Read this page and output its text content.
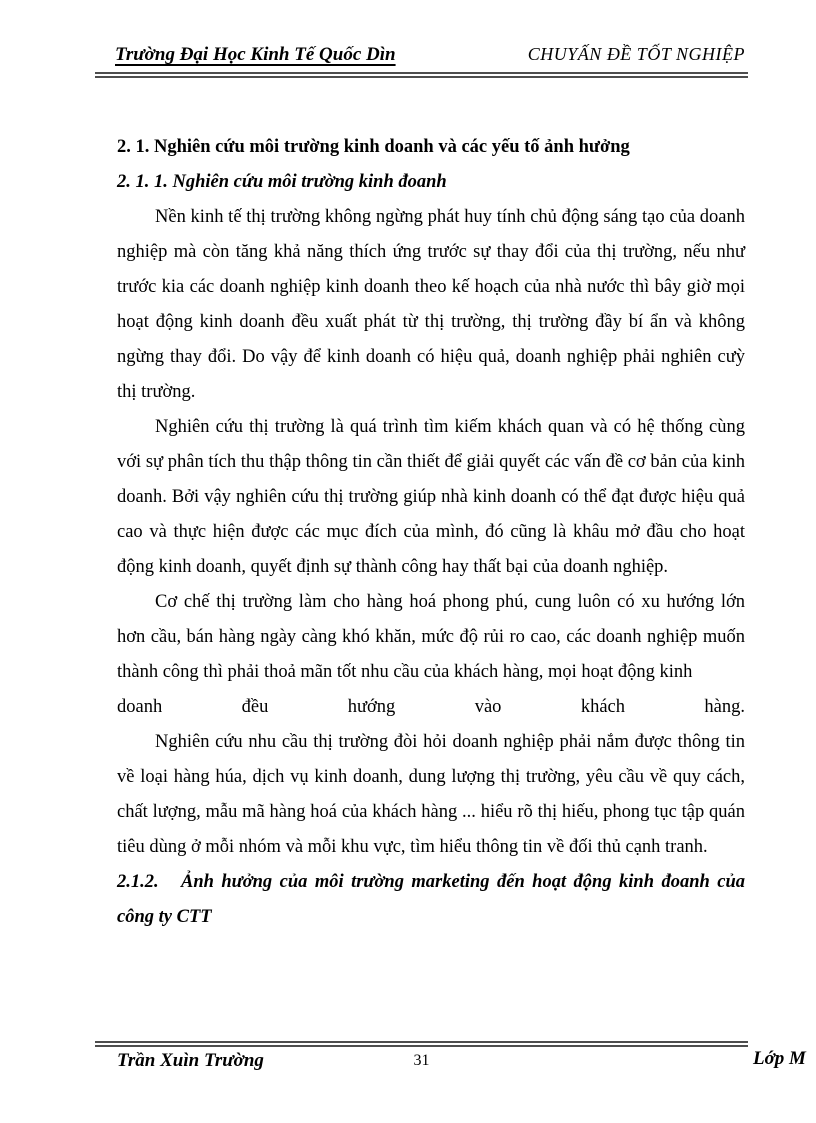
Trường Đại Học Kinh Tế Quốc Dìn	CHUYẤN ĐỀ TỐT NGHIỆP
2. 1. Nghiên cứu môi trường kinh doanh và các yếu tố ảnh hưởng
2. 1. 1. Nghiên cứu môi trường kinh đoanh

Nền kinh tế thị trường không ngừng phát huy tính chủ động sáng tạo của doanh nghiệp mà còn tăng khả năng thích ứng trước sự thay đổi của thị trường, nếu như trước kia các doanh nghiệp kinh doanh theo kế hoạch của nhà nước thì bây giờ mọi hoạt động kinh doanh đều xuất phát từ thị trường, thị trường đầy bí ẩn và không ngừng thay đổi. Do vậy để kinh doanh có hiệu quả, doanh nghiệp phải nghiên cưỳ thị trường.

Nghiên cứu thị trường là quá trình tìm kiếm khách quan và có hệ thống cùng với sự phân tích thu thập thông tin cần thiết để giải quyết các vấn đề cơ bản của kinh doanh. Bởi vậy nghiên cứu thị trường giúp nhà kinh doanh có thể đạt được hiệu quả cao và thực hiện được các mục đích của mình, đó cũng là khâu mở đầu cho hoạt động kinh doanh, quyết định sự thành công hay thất bại của doanh nghiệp.

Cơ chế thị trường làm cho hàng hoá phong phú, cung luôn có xu hướng lớn hơn cầu, bán hàng ngày càng khó khăn, mức độ rủi ro cao, các doanh nghiệp muốn thành công thì phải thoả mãn tốt nhu cầu của khách hàng, mọi hoạt động kinh

doanh đều hướng vào khách hàng.

Nghiên cứu nhu cầu thị trường đòi hỏi doanh nghiệp phải nắm được thông tin về loại hàng húa, dịch vụ kinh doanh, dung lượng thị trường, yêu cầu về quy cách, chất lượng, mẫu mã hàng hoá của khách hàng ... hiểu rõ thị hiếu, phong tục tập quán tiêu dùng ở mỗi nhóm và mỗi khu vực, tìm hiểu thông tin về đối thủ cạnh tranh.

2.1.2.   Ảnh hưởng của môi trường marketing đến hoạt động kinh đoanh của công ty CTT
Trần Xuìn Trường	31	Lớp M
